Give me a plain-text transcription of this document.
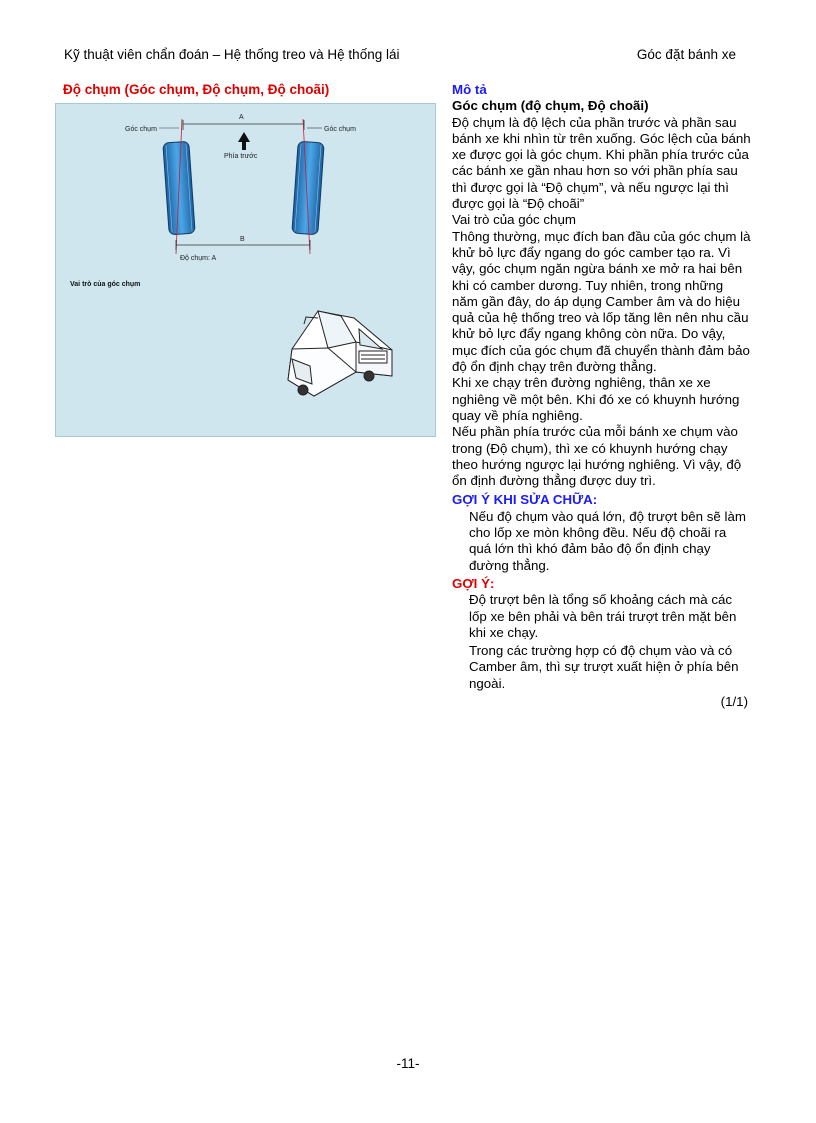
Kỹ thuật viên chẩn đoán – Hệ thống treo và Hệ thống lái	Góc đặt bánh xe
Độ chụm (Góc chụm, Độ chụm, Độ choãi)
A
Góc chụm	Góc chụm
Phía trước
B
Độ chụm: A
Vai trò của góc chụm

Mô tả

Góc chụm (độ chụm, Độ choãi)

Độ chụm là độ lệch của phần trước và phần sau bánh xe khi nhìn từ trên xuống. Góc lệch của bánh xe được gọi là góc chụm. Khi phần phía trước của các bánh xe gần nhau hơn so với phần phía sau thì được gọi là “Độ chụm”, và nếu ngược lại thì được gọi là “Độ choãi”

Vai trò của góc chụm

Thông thường, mục đích ban đầu của góc chụm là khử bỏ lực đẩy ngang do góc camber tạo ra. Vì vậy, góc chụm ngăn ngừa bánh xe mở ra hai bên khi có camber dương. Tuy nhiên, trong những năm gần đây, do áp dụng Camber âm và do hiệu quả của hệ thống treo và lốp tăng lên nên nhu cầu khử bỏ lực đẩy ngang không còn nữa. Do vậy, mục đích của góc chụm đã chuyển thành đảm bảo độ ổn định chạy trên đường thẳng.

Khi xe chạy trên đường nghiêng, thân xe xe nghiêng về một bên. Khi đó xe có khuynh hướng quay về phía nghiêng.

Nếu phần phía trước của mỗi bánh xe chụm vào trong (Độ chụm), thì xe có khuynh hướng chạy theo hướng ngược lại hướng nghiêng. Vì vậy, độ ổn định đường thẳng được duy trì.

GỢI Ý KHI SỬA CHỮA:

Nếu độ chụm vào quá lớn, độ trượt bên sẽ làm cho lốp xe mòn không đều. Nếu độ choãi ra quá lớn thì khó đảm bảo độ ổn định chạy đường thẳng.

GỢI Ý:

Độ trượt bên là tổng số khoảng cách mà các lốp xe bên phải và bên trái trượt trên mặt bên khi xe chạy.

Trong các trường hợp có độ chụm vào và có Camber âm, thì sự trượt xuất hiện ở phía bên ngoài.

(1/1)

-11-
